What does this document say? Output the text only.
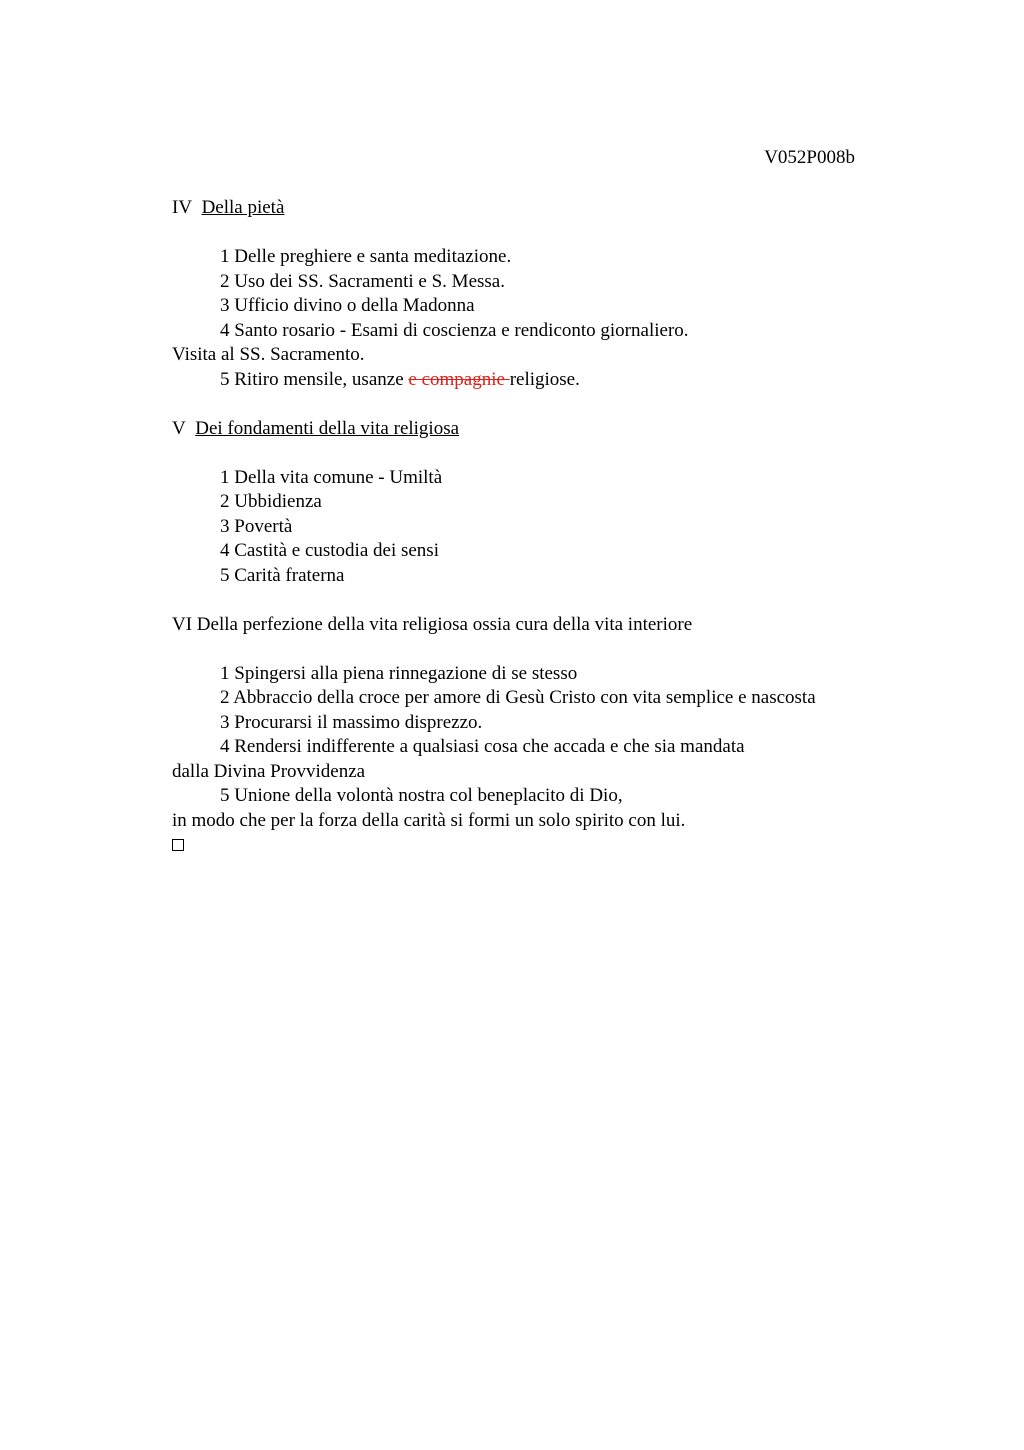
V052P008b
IV Della pietà
1 Delle preghiere e santa meditazione.
2 Uso dei SS. Sacramenti e S. Messa.
3 Ufficio divino o della Madonna
4 Santo rosario - Esami di coscienza e rendiconto giornaliero.
Visita al SS. Sacramento.
5 Ritiro mensile, usanze e compagnie religiose.
V Dei fondamenti della vita religiosa
1 Della vita comune - Umiltà
2 Ubbidienza
3 Povertà
4 Castità e custodia dei sensi
5 Carità fraterna
VI Della perfezione della vita religiosa ossia cura della vita interiore
1 Spingersi alla piena rinnegazione di se stesso
2 Abbraccio della croce per amore di Gesù Cristo con vita semplice e nascosta
3 Procurarsi il massimo disprezzo.
4 Rendersi indifferente a qualsiasi cosa che accada e che sia mandata
dalla Divina Provvidenza
5 Unione della volontà nostra col beneplacito di Dio,
in modo che per la forza della carità si formi un solo spirito con lui.
